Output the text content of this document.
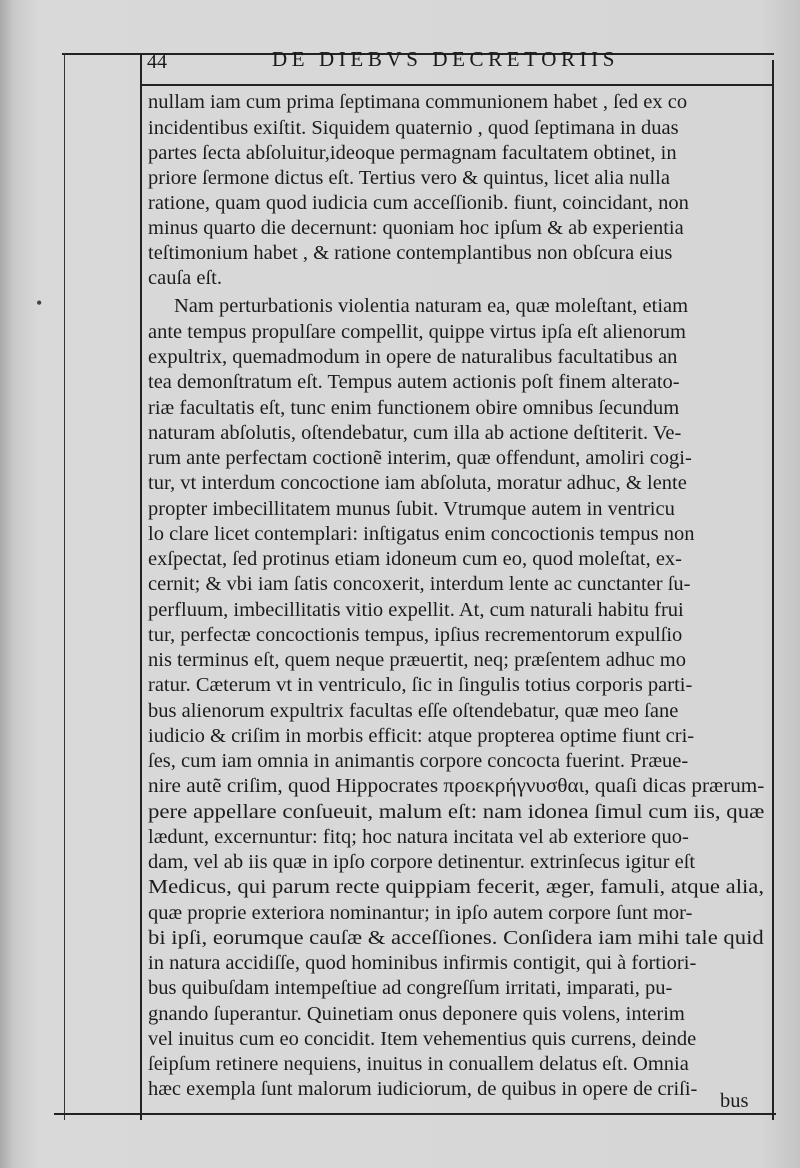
44	DE DIEBVS DECRETORIIS
•
nullam iam cum prima ſeptimana communionem habet , ſed ex co
incidentibus exiſtit. Siquidem quaternio , quod ſeptimana in duas
partes ſecta abſoluitur,ideoque permagnam facultatem obtinet, in
priore ſermone dictus eſt. Tertius vero & quintus, licet alia nulla
ratione, quam quod iudicia cum acceſſionib. fiunt, coincidant, non
minus quarto die decernunt: quoniam hoc ipſum & ab experientia
teſtimonium habet , & ratione contemplantibus non obſcura eius
cauſa eſt.
Nam perturbationis violentia naturam ea, quæ moleſtant, etiam
ante tempus propulſare compellit, quippe virtus ipſa eſt alienorum
expultrix, quemadmodum in opere de naturalibus facultatibus an
tea demonſtratum eſt. Tempus autem actionis poſt finem alterato-
riæ facultatis eſt, tunc enim functionem obire omnibus ſecundum
naturam abſolutis, oſtendebatur, cum illa ab actione deſtiterit. Ve-
rum ante perfectam coctionẽ interim, quæ offendunt, amoliri cogi-
tur, vt interdum concoctione iam abſoluta, moratur adhuc, & lente
propter imbecillitatem munus ſubit. Vtrumque autem in ventricu
lo clare licet contemplari: inſtigatus enim concoctionis tempus non
exſpectat, ſed protinus etiam idoneum cum eo, quod moleſtat, ex-
cernit; & vbi iam ſatis concoxerit, interdum lente ac cunctanter ſu-
perfluum, imbecillitatis vitio expellit. At, cum naturali habitu frui
tur, perfectæ concoctionis tempus, ipſius recrementorum expulſio
nis terminus eſt, quem neque præuertit, neq; præſentem adhuc mo
ratur. Cæterum vt in ventriculo, ſic in ſingulis totius corporis parti-
bus alienorum expultrix facultas eſſe oſtendebatur, quæ meo ſane
iudicio & criſim in morbis efficit: atque propterea optime fiunt cri-
ſes, cum iam omnia in animantis corpore concocta fuerint. Præue-
nire autẽ criſim, quod Hippocrates προεκρήγνυσθαι, quaſi dicas prærum-
pere appellare conſueuit, malum eſt: nam idonea ſimul cum iis, quæ
lædunt, excernuntur: fitq; hoc natura incitata vel ab exteriore quo-
dam, vel ab iis quæ in ipſo corpore detinentur. extrinſecus igitur eſt
Medicus, qui parum recte quippiam fecerit, æger, famuli, atque alia,
quæ proprie exteriora nominantur; in ipſo autem corpore ſunt mor-
bi ipſi, eorumque cauſæ & acceſſiones. Conſidera iam mihi tale quid
in natura accidiſſe, quod hominibus infirmis contigit, qui à fortiori-
bus quibuſdam intempeſtiue ad congreſſum irritati, imparati, pu-
gnando ſuperantur. Quinetiam onus deponere quis volens, interim
vel inuitus cum eo concidit. Item vehementius quis currens, deinde
ſeipſum retinere nequiens, inuitus in conuallem delatus eſt. Omnia
hæc exempla ſunt malorum iudiciorum, de quibus in opere de criſi-
bus
